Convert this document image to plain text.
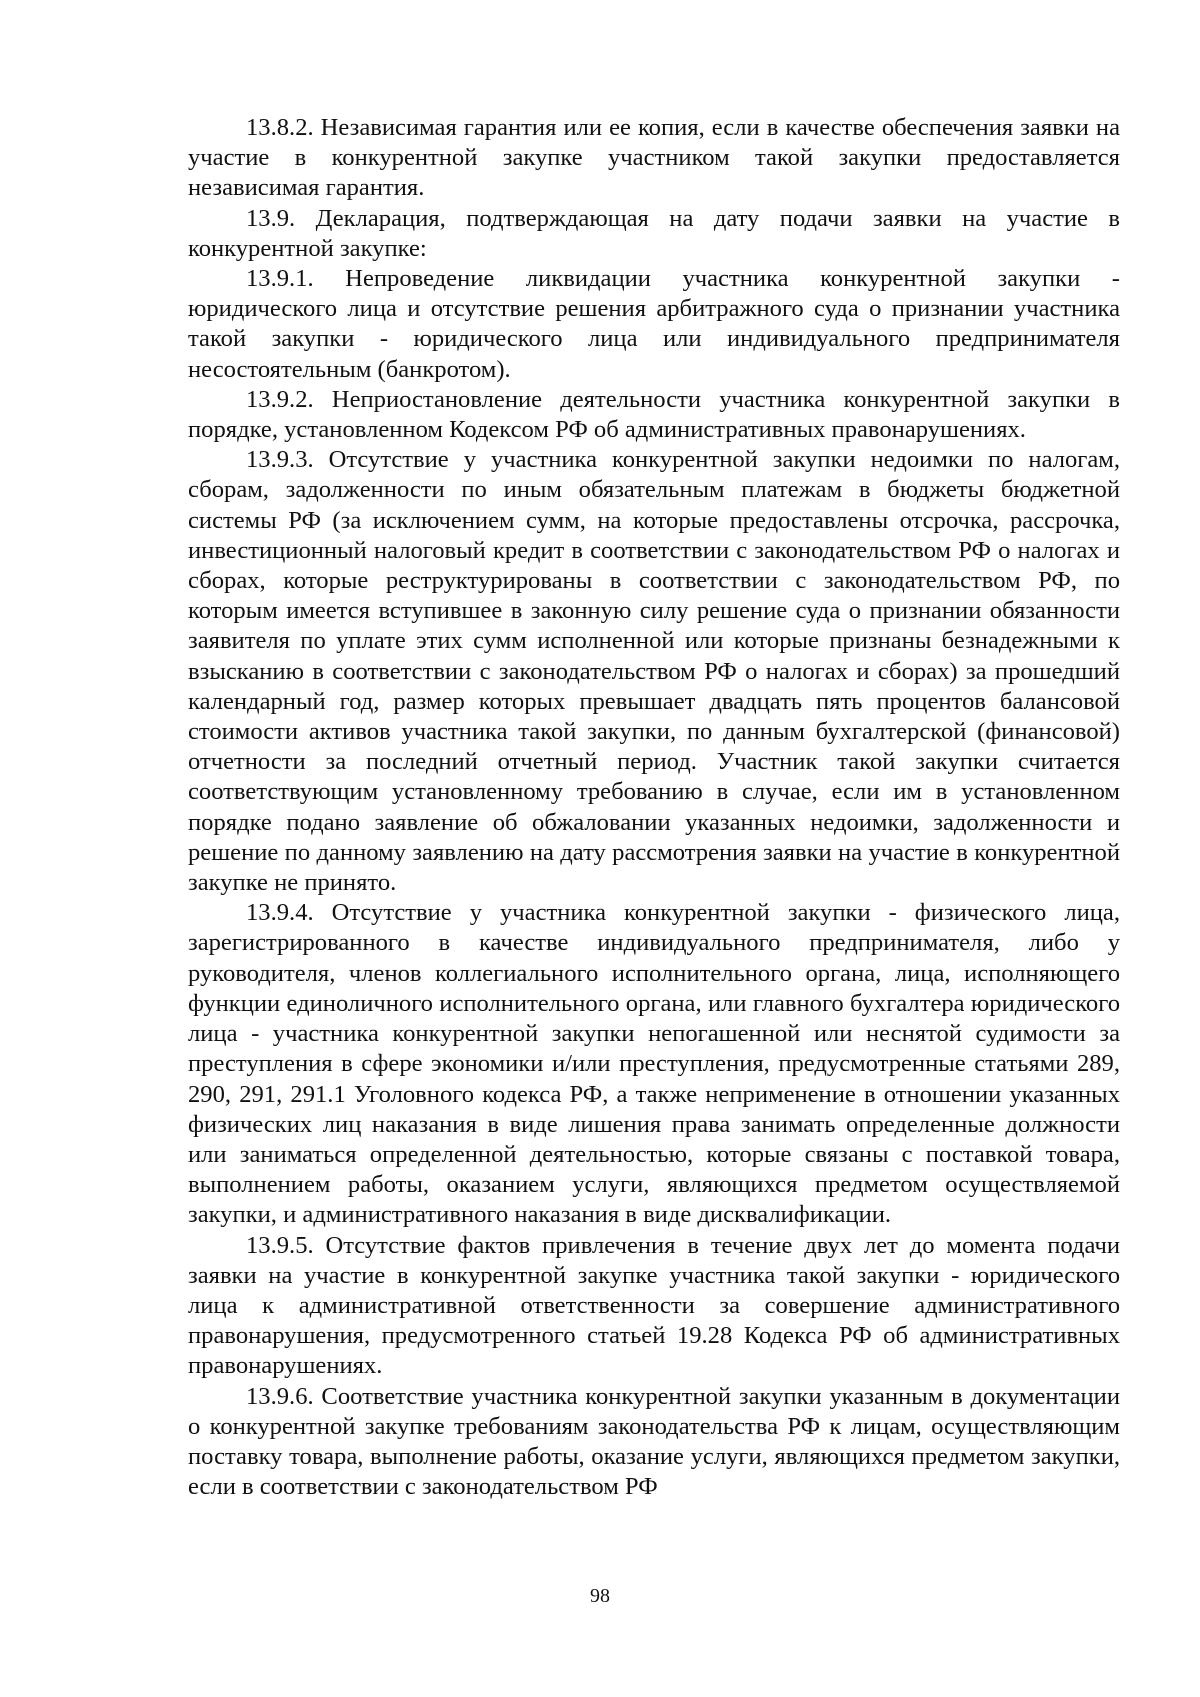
13.8.2. Независимая гарантия или ее копия, если в качестве обеспечения заявки на участие в конкурентной закупке участником такой закупки предоставляется независимая гарантия.

13.9. Декларация, подтверждающая на дату подачи заявки на участие в конкурентной закупке:

13.9.1. Непроведение ликвидации участника конкурентной закупки - юридического лица и отсутствие решения арбитражного суда о признании участника такой закупки - юридического лица или индивидуального предпринимателя несостоятельным (банкротом).

13.9.2. Неприостановление деятельности участника конкурентной закупки в порядке, установленном Кодексом РФ об административных правонарушениях.

13.9.3. Отсутствие у участника конкурентной закупки недоимки по налогам, сборам, задолженности по иным обязательным платежам в бюджеты бюджетной системы РФ (за исключением сумм, на которые предоставлены отсрочка, рассрочка, инвестиционный налоговый кредит в соответствии с законодательством РФ о налогах и сборах, которые реструктурированы в соответствии с законодательством РФ, по которым имеется вступившее в законную силу решение суда о признании обязанности заявителя по уплате этих сумм исполненной или которые признаны безнадежными к взысканию в соответствии с законодательством РФ о налогах и сборах) за прошедший календарный год, размер которых превышает двадцать пять процентов балансовой стоимости активов участника такой закупки, по данным бухгалтерской (финансовой) отчетности за последний отчетный период. Участник такой закупки считается соответствующим установленному требованию в случае, если им в установленном порядке подано заявление об обжаловании указанных недоимки, задолженности и решение по данному заявлению на дату рассмотрения заявки на участие в конкурентной закупке не принято.

13.9.4. Отсутствие у участника конкурентной закупки - физического лица, зарегистрированного в качестве индивидуального предпринимателя, либо у руководителя, членов коллегиального исполнительного органа, лица, исполняющего функции единоличного исполнительного органа, или главного бухгалтера юридического лица - участника конкурентной закупки непогашенной или неснятой судимости за преступления в сфере экономики и/или преступления, предусмотренные статьями 289, 290, 291, 291.1 Уголовного кодекса РФ, а также неприменение в отношении указанных физических лиц наказания в виде лишения права занимать определенные должности или заниматься определенной деятельностью, которые связаны с поставкой товара, выполнением работы, оказанием услуги, являющихся предметом осуществляемой закупки, и административного наказания в виде дисквалификации.

13.9.5. Отсутствие фактов привлечения в течение двух лет до момента подачи заявки на участие в конкурентной закупке участника такой закупки - юридического лица к административной ответственности за совершение административного правонарушения, предусмотренного статьей 19.28 Кодекса РФ об административных правонарушениях.

13.9.6. Соответствие участника конкурентной закупки указанным в документации о конкурентной закупке требованиям законодательства РФ к лицам, осуществляющим поставку товара, выполнение работы, оказание услуги, являющихся предметом закупки, если в соответствии с законодательством РФ

98
